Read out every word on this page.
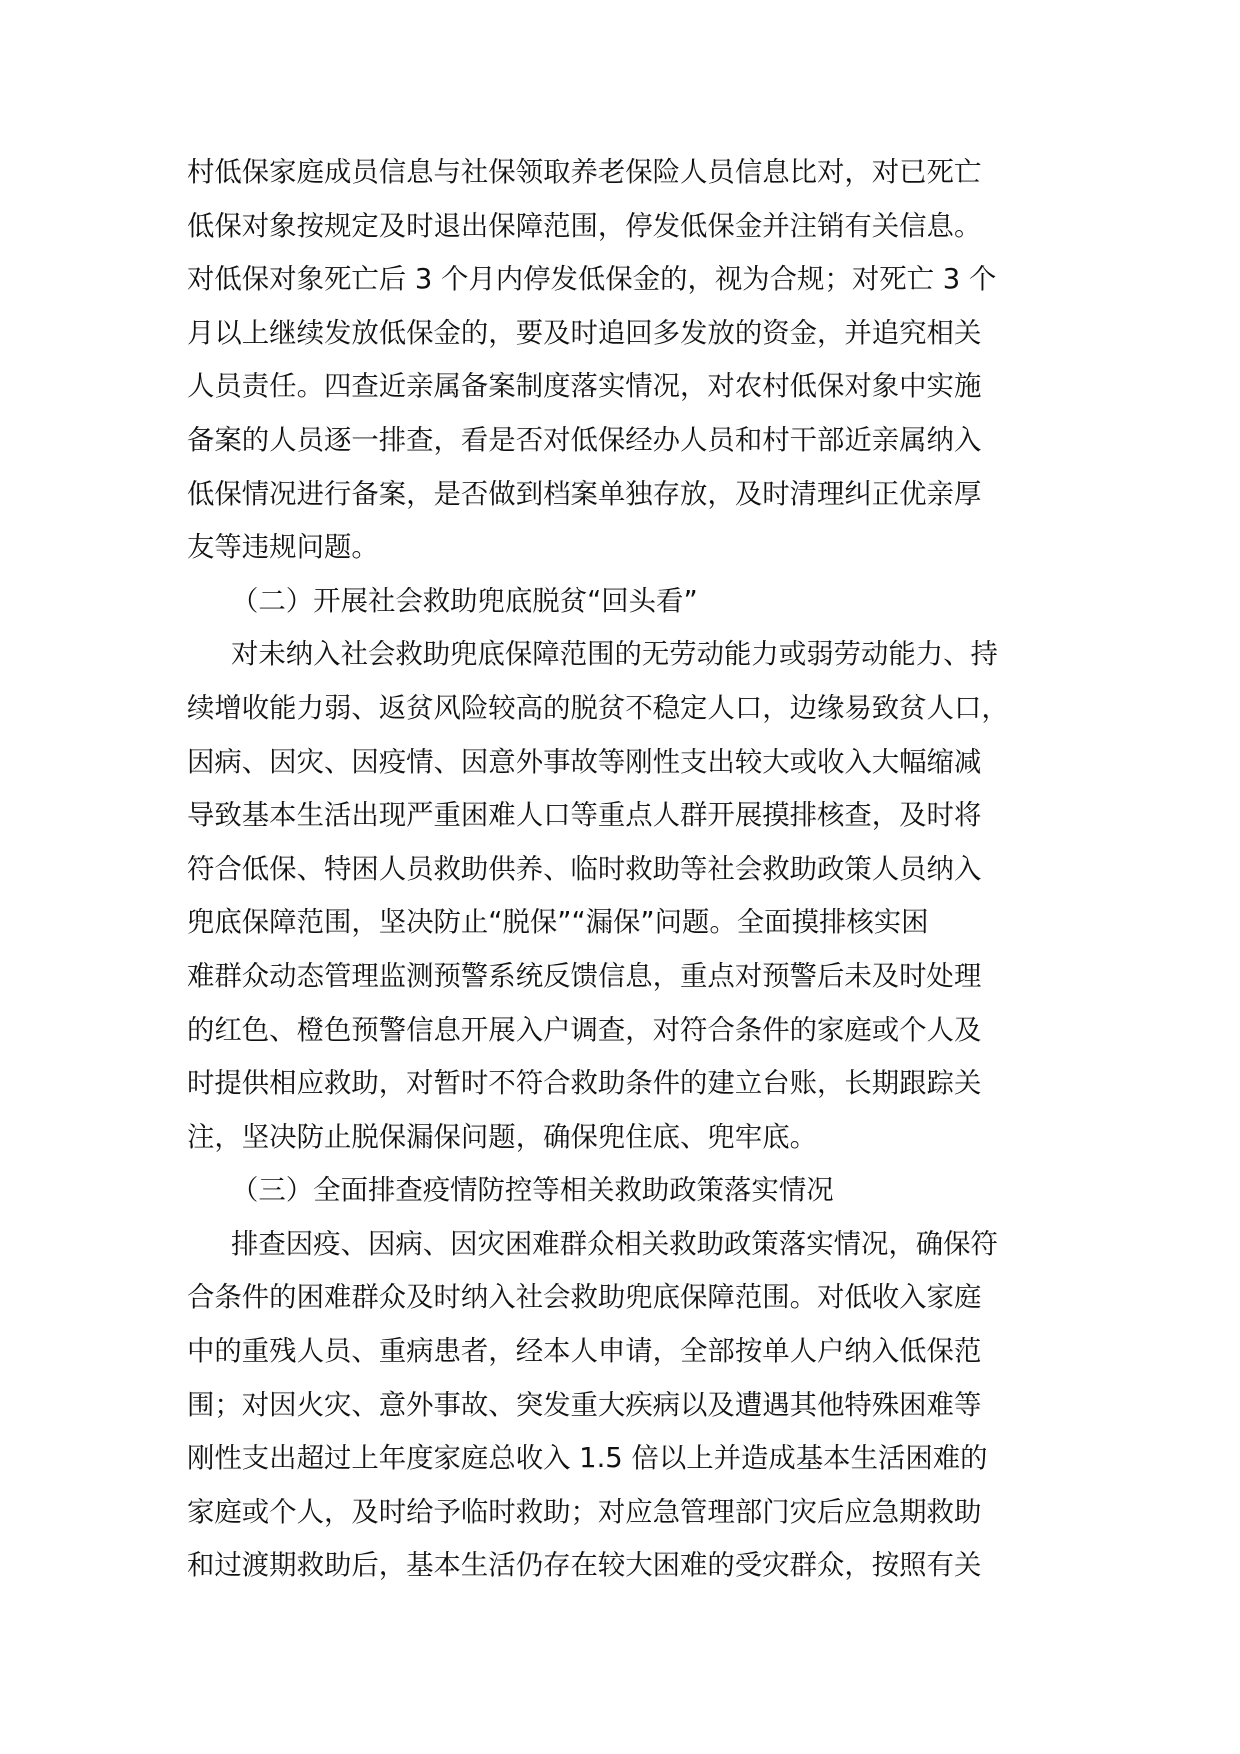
村低保家庭成员信息与社保领取养老保险人员信息比对，对已死亡
低保对象按规定及时退出保障范围，停发低保金并注销有关信息。
对低保对象死亡后 3 个月内停发低保金的，视为合规；对死亡 3 个
月以上继续发放低保金的，要及时追回多发放的资金，并追究相关
人员责任。四查近亲属备案制度落实情况，对农村低保对象中实施
备案的人员逐一排查，看是否对低保经办人员和村干部近亲属纳入
低保情况进行备案，是否做到档案单独存放，及时清理纠正优亲厚
友等违规问题。
（二）开展社会救助兜底脱贫“回头看”
对未纳入社会救助兜底保障范围的无劳动能力或弱劳动能力、持
续增收能力弱、返贫风险较高的脱贫不稳定人口，边缘易致贫人口，
因病、因灾、因疫情、因意外事故等刚性支出较大或收入大幅缩减
导致基本生活出现严重困难人口等重点人群开展摸排核查，及时将
符合低保、特困人员救助供养、临时救助等社会救助政策人员纳入
兜底保障范围，坚决防止“脱保”“漏保”问题。全面摸排核实困
难群众动态管理监测预警系统反馈信息，重点对预警后未及时处理
的红色、橙色预警信息开展入户调查，对符合条件的家庭或个人及
时提供相应救助，对暂时不符合救助条件的建立台账，长期跟踪关
注，坚决防止脱保漏保问题，确保兜住底、兜牢底。
（三）全面排查疫情防控等相关救助政策落实情况
排查因疫、因病、因灾困难群众相关救助政策落实情况，确保符
合条件的困难群众及时纳入社会救助兜底保障范围。对低收入家庭
中的重残人员、重病患者，经本人申请，全部按单人户纳入低保范
围；对因火灾、意外事故、突发重大疾病以及遭遇其他特殊困难等
刚性支出超过上年度家庭总收入 1.5 倍以上并造成基本生活困难的
家庭或个人，及时给予临时救助；对应急管理部门灾后应急期救助
和过渡期救助后，基本生活仍存在较大困难的受灾群众，按照有关
